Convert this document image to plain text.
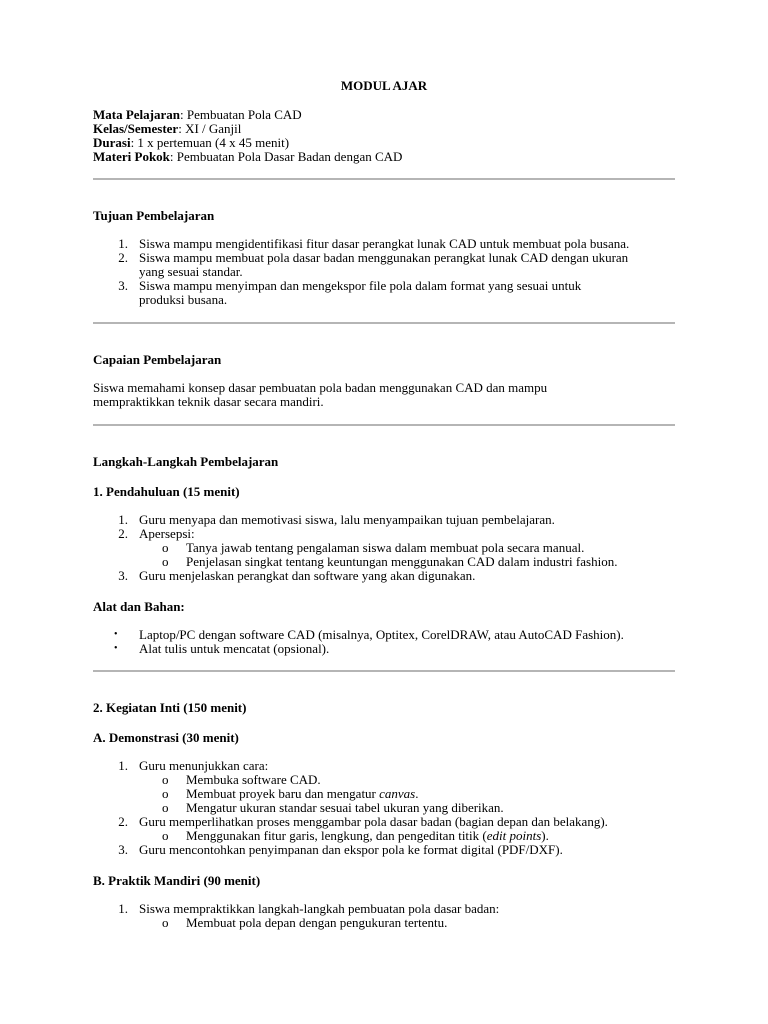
MODUL AJAR
Mata Pelajaran: Pembuatan Pola CAD
Kelas/Semester: XI / Ganjil
Durasi: 1 x pertemuan (4 x 45 menit)
Materi Pokok: Pembuatan Pola Dasar Badan dengan CAD
Tujuan Pembelajaran
1. Siswa mampu mengidentifikasi fitur dasar perangkat lunak CAD untuk membuat pola busana.
2. Siswa mampu membuat pola dasar badan menggunakan perangkat lunak CAD dengan ukuran
yang sesuai standar.
3. Siswa mampu menyimpan dan mengekspor file pola dalam format yang sesuai untuk
produksi busana.
Capaian Pembelajaran
Siswa memahami konsep dasar pembuatan pola badan menggunakan CAD dan mampu
mempraktikkan teknik dasar secara mandiri.
Langkah-Langkah Pembelajaran
1. Pendahuluan (15 menit)
1. Guru menyapa dan memotivasi siswa, lalu menyampaikan tujuan pembelajaran.
2. Apersepsi:
o Tanya jawab tentang pengalaman siswa dalam membuat pola secara manual.
o Penjelasan singkat tentang keuntungan menggunakan CAD dalam industri fashion.
3. Guru menjelaskan perangkat dan software yang akan digunakan.
Alat dan Bahan:
• Laptop/PC dengan software CAD (misalnya, Optitex, CorelDRAW, atau AutoCAD Fashion).
• Alat tulis untuk mencatat (opsional).
2. Kegiatan Inti (150 menit)
A. Demonstrasi (30 menit)
1. Guru menunjukkan cara:
o Membuka software CAD.
o Membuat proyek baru dan mengatur canvas.
o Mengatur ukuran standar sesuai tabel ukuran yang diberikan.
2. Guru memperlihatkan proses menggambar pola dasar badan (bagian depan dan belakang).
o Menggunakan fitur garis, lengkung, dan pengeditan titik (edit points).
3. Guru mencontohkan penyimpanan dan ekspor pola ke format digital (PDF/DXF).
B. Praktik Mandiri (90 menit)
1. Siswa mempraktikkan langkah-langkah pembuatan pola dasar badan:
o Membuat pola depan dengan pengukuran tertentu.
